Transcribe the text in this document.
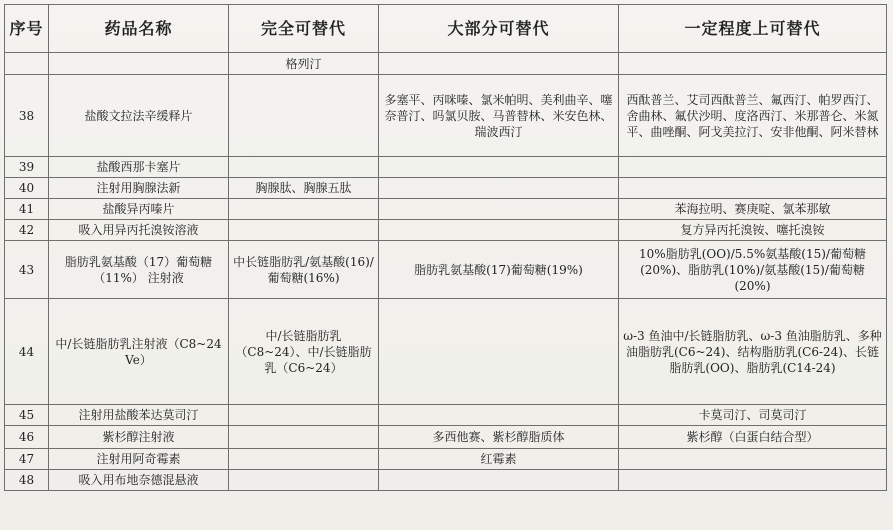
序号	药品名称	完全可替代	大部分可替代	一定程度上可替代
		格列汀		
38	盐酸文拉法辛缓释片		多塞平、丙咪嗪、氯米帕明、美利曲辛、噻奈普汀、吗氯贝胺、马普替林、米安色林、瑞波西汀	西酞普兰、艾司西酞普兰、氟西汀、帕罗西汀、舍曲林、氟伏沙明、度洛西汀、米那普仑、米氮平、曲唑酮、阿戈美拉汀、安非他酮、阿米替林
39	盐酸西那卡塞片			
40	注射用胸腺法新	胸腺肽、胸腺五肽		
41	盐酸异丙嗪片			苯海拉明、赛庚啶、氯苯那敏
42	吸入用异丙托溴铵溶液			复方异丙托溴铵、噻托溴铵
43	脂肪乳氨基酸（17）葡萄糖（11%） 注射液	中长链脂肪乳/氨基酸(16)/葡萄糖(16%)	脂肪乳氨基酸(17)葡萄糖(19%)	10%脂肪乳(OO)/5.5%氨基酸(15)/葡萄糖(20%)、脂肪乳(10%)/氨基酸(15)/葡萄糖(20%)
44	中/长链脂肪乳注射液（C8~24 Ve）	中/长链脂肪乳（C8~24）、中/长链脂肪乳（C6~24）		ω-3 鱼油中/长链脂肪乳、ω-3 鱼油脂肪乳、多种油脂肪乳(C6~24)、结构脂肪乳(C6-24)、长链脂肪乳(OO)、脂肪乳(C14-24)
45	注射用盐酸苯达莫司汀			卡莫司汀、司莫司汀
46	紫杉醇注射液		多西他赛、紫杉醇脂质体	紫杉醇（白蛋白结合型）
47	注射用阿奇霉素		红霉素	
48	吸入用布地奈德混悬液			
